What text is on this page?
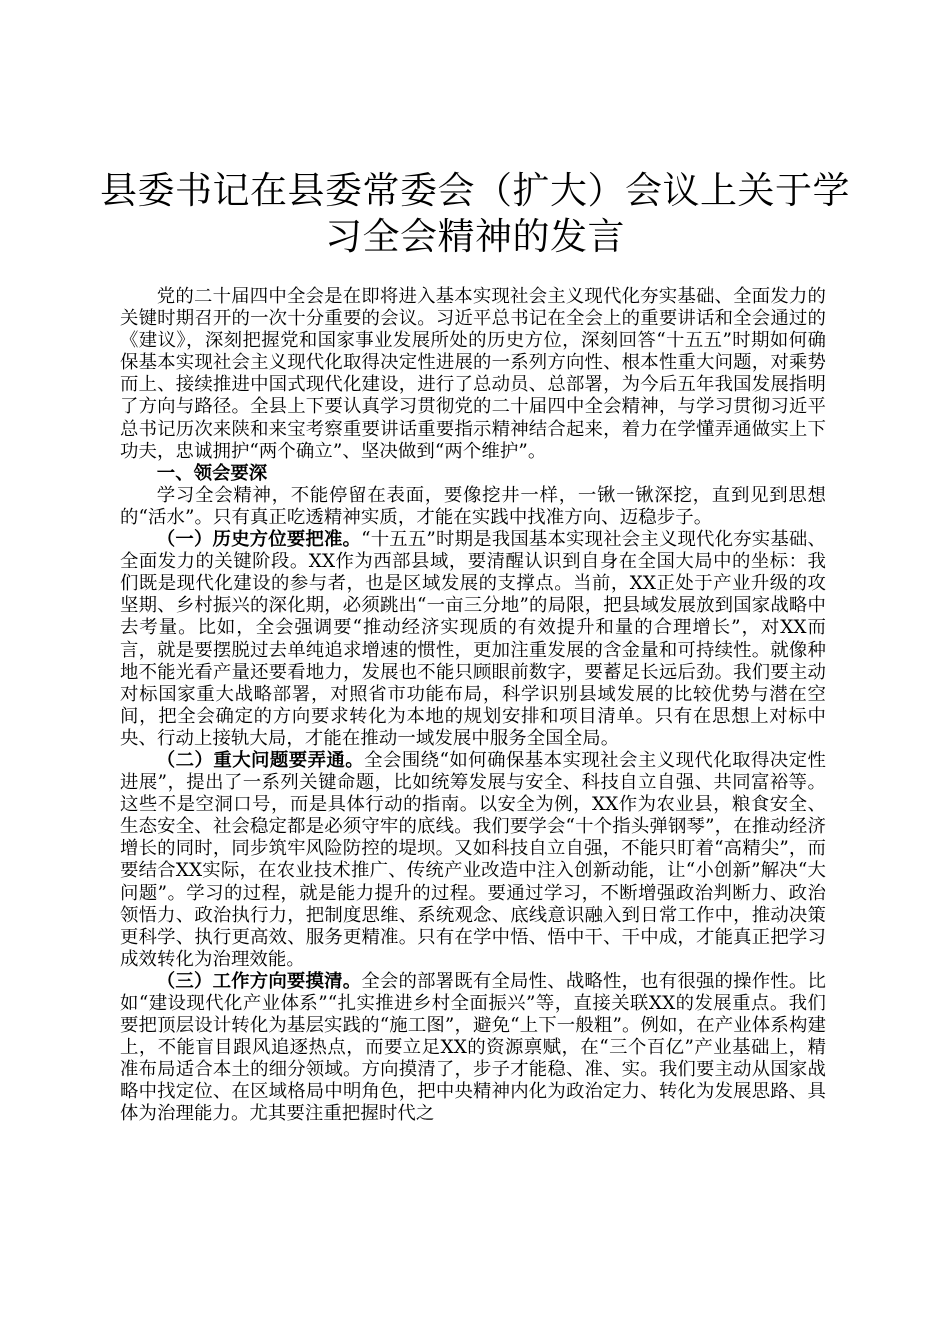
县委书记在县委常委会（扩大）会议上关于学
习全会精神的发言

党的二十届四中全会是在即将进入基本实现社会主义现代化夯实基础、全面发力的关键时期召开的一次十分重要的会议。习近平总书记在全会上的重要讲话和全会通过的《建议》，深刻把握党和国家事业发展所处的历史方位，深刻回答“十五五”时期如何确保基本实现社会主义现代化取得决定性进展的一系列方向性、根本性重大问题，对乘势而上、接续推进中国式现代化建设，进行了总动员、总部署，为今后五年我国发展指明了方向与路径。全县上下要认真学习贯彻党的二十届四中全会精神，与学习贯彻习近平总书记历次来陕和来宝考察重要讲话重要指示精神结合起来，着力在学懂弄通做实上下功夫，忠诚拥护“两个确立”、坚决做到“两个维护”。

一、领会要深

学习全会精神，不能停留在表面，要像挖井一样，一锹一锹深挖，直到见到思想的“活水”。只有真正吃透精神实质，才能在实践中找准方向、迈稳步子。

（一）历史方位要把准。“十五五”时期是我国基本实现社会主义现代化夯实基础、全面发力的关键阶段。XX作为西部县域，要清醒认识到自身在全国大局中的坐标：我们既是现代化建设的参与者，也是区域发展的支撑点。当前，XX正处于产业升级的攻坚期、乡村振兴的深化期，必须跳出“一亩三分地”的局限，把县域发展放到国家战略中去考量。比如，全会强调要“推动经济实现质的有效提升和量的合理增长”，对XX而言，就是要摆脱过去单纯追求增速的惯性，更加注重发展的含金量和可持续性。就像种地不能光看产量还要看地力，发展也不能只顾眼前数字，要蓄足长远后劲。我们要主动对标国家重大战略部署，对照省市功能布局，科学识别县域发展的比较优势与潜在空间，把全会确定的方向要求转化为本地的规划安排和项目清单。只有在思想上对标中央、行动上接轨大局，才能在推动一域发展中服务全国全局。

（二）重大问题要弄通。全会围绕“如何确保基本实现社会主义现代化取得决定性进展”，提出了一系列关键命题，比如统筹发展与安全、科技自立自强、共同富裕等。这些不是空洞口号，而是具体行动的指南。以安全为例，XX作为农业县，粮食安全、生态安全、社会稳定都是必须守牢的底线。我们要学会“十个指头弹钢琴”，在推动经济增长的同时，同步筑牢风险防控的堤坝。又如科技自立自强，不能只盯着“高精尖”，而要结合XX实际，在农业技术推广、传统产业改造中注入创新动能，让“小创新”解决“大问题”。学习的过程，就是能力提升的过程。要通过学习，不断增强政治判断力、政治领悟力、政治执行力，把制度思维、系统观念、底线意识融入到日常工作中，推动决策更科学、执行更高效、服务更精准。只有在学中悟、悟中干、干中成，才能真正把学习成效转化为治理效能。

（三）工作方向要摸清。全会的部署既有全局性、战略性，也有很强的操作性。比如“建设现代化产业体系”“扎实推进乡村全面振兴”等，直接关联XX的发展重点。我们要把顶层设计转化为基层实践的“施工图”，避免“上下一般粗”。例如，在产业体系构建上，不能盲目跟风追逐热点，而要立足XX的资源禀赋，在“三个百亿”产业基础上，精准布局适合本土的细分领域。方向摸清了，步子才能稳、准、实。我们要主动从国家战略中找定位、在区域格局中明角色，把中央精神内化为政治定力、转化为发展思路、具体为治理能力。尤其要注重把握时代之
